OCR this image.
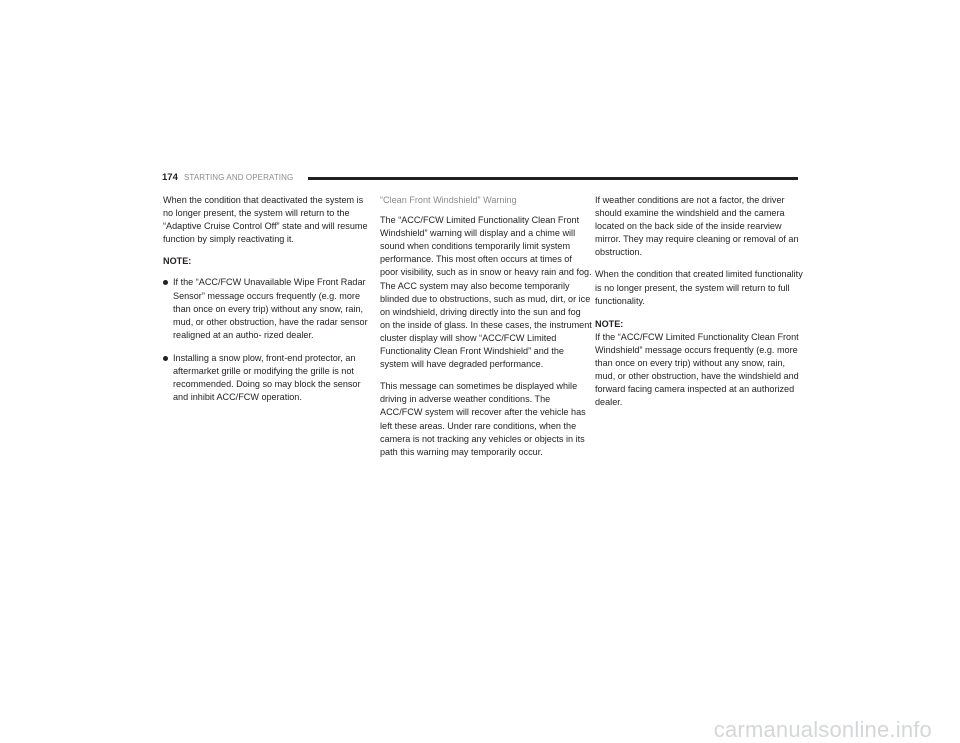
174 STARTING AND OPERATING

When the condition that deactivated the system is no longer present, the system will return to the “Adaptive Cruise Control Off” state and will resume function by simply reactivating it.

NOTE:

If the “ACC/FCW Unavailable Wipe Front Radar Sensor” message occurs frequently (e.g. more than once on every trip) without any snow, rain, mud, or other obstruction, have the radar sensor realigned at an autho- rized dealer.
Installing a snow plow, front-end protector, an aftermarket grille or modifying the grille is not recommended. Doing so may block the sensor and inhibit ACC/FCW operation.

“Clean Front Windshield” Warning

The “ACC/FCW Limited Functionality Clean Front Windshield” warning will display and a chime will sound when conditions temporarily limit system performance. This most often occurs at times of poor visibility, such as in snow or heavy rain and fog. The ACC system may also become temporarily blinded due to obstructions, such as mud, dirt, or ice on windshield, driving directly into the sun and fog on the inside of glass. In these cases, the instrument cluster display will show “ACC/FCW Limited Functionality Clean Front Windshield” and the system will have degraded performance.

This message can sometimes be displayed while driving in adverse weather conditions. The ACC/FCW system will recover after the vehicle has left these areas. Under rare conditions, when the camera is not tracking any vehicles or objects in its path this warning may temporarily occur.

If weather conditions are not a factor, the driver should examine the windshield and the camera located on the back side of the inside rearview mirror. They may require cleaning or removal of an obstruction.

When the condition that created limited functionality is no longer present, the system will return to full functionality.

NOTE:

If the “ACC/FCW Limited Functionality Clean Front Windshield” message occurs frequently (e.g. more than once on every trip) without any snow, rain, mud, or other obstruction, have the windshield and forward facing camera inspected at an authorized dealer.

carmanualsonline.info
